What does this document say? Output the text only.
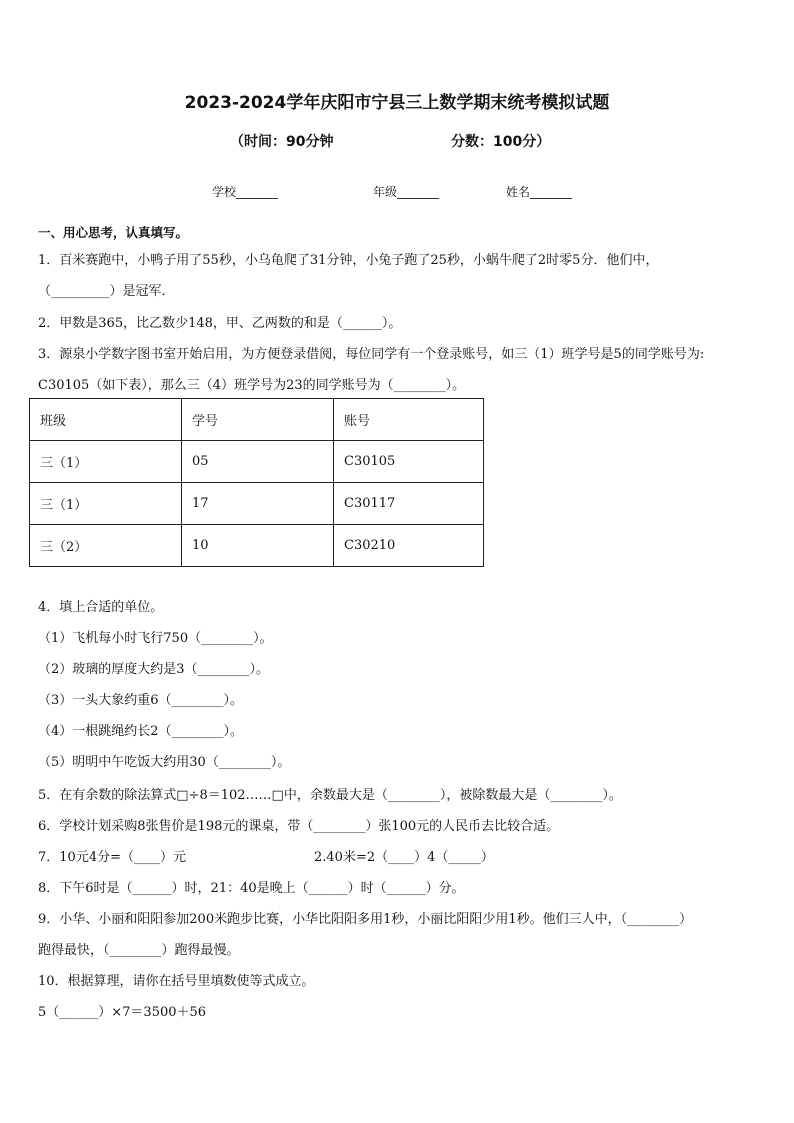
2023-2024学年庆阳市宁县三上数学期末统考模拟试题
（时间：90分钟	分数：100分）
学校_______	年级_______	姓名_______
一、用心思考，认真填写。
1．百米赛跑中，小鸭子用了55秒，小乌龟爬了31分钟，小兔子跑了25秒，小蜗牛爬了2时零5分．他们中，
（_________）是冠军．
2．甲数是365，比乙数少148，甲、乙两数的和是（______）。
3．源泉小学数字图书室开始启用，为方便登录借阅，每位同学有一个登录账号，如三（1）班学号是5的同学账号为:
C30105（如下表），那么三（4）班学号为23的同学账号为（________）。
班级	学号	账号
三（1）	05	C30105
三（1）	17	C30117
三（2）	10	C30210
4．填上合适的单位。
（1）飞机每小时飞行750（________）。
（2）玻璃的厚度大约是3（________）。
（3）一头大象约重6（________）。
（4）一根跳绳约长2（________）。
（5）明明中午吃饭大约用30（________）。
5．在有余数的除法算式□÷8＝102……□中，余数最大是（________），被除数最大是（________）。
6．学校计划采购8张售价是198元的课桌，带（________）张100元的人民币去比较合适。
7．10元4分=（____）元	2.40米=2（____）4（_____）
8．下午6时是（______）时，21：40是晚上（______）时（______）分。
9．小华、小丽和阳阳参加200米跑步比赛，小华比阳阳多用1秒，小丽比阳阳少用1秒。他们三人中，（________）
跑得最快，（________）跑得最慢。
10．根据算理，请你在括号里填数使等式成立。
5（______）×7＝3500＋56
